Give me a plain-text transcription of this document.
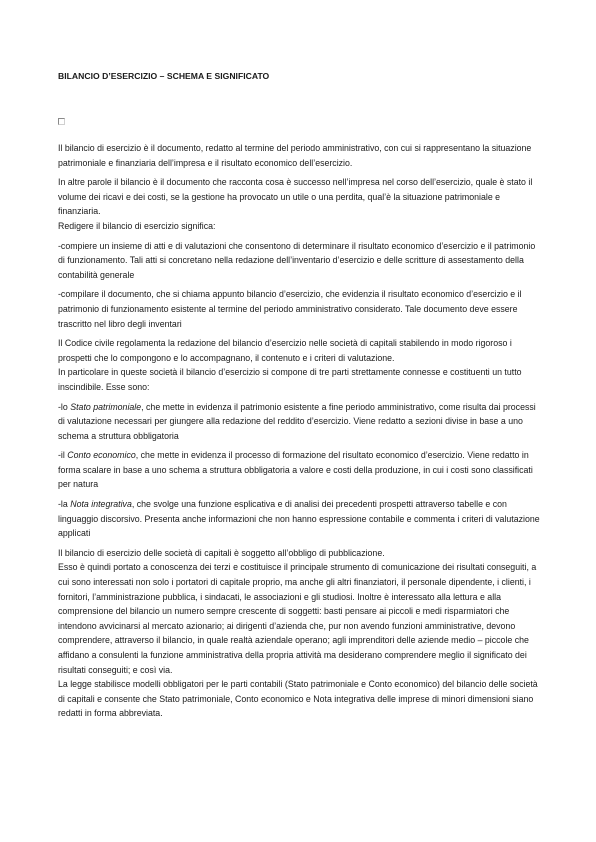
BILANCIO D’ESERCIZIO – SCHEMA E SIGNIFICATO

Il bilancio di esercizio è il documento, redatto al termine del periodo amministrativo, con cui si rappresentano la situazione patrimoniale e finanziaria dell’impresa e il risultato economico dell’esercizio.

In altre parole il bilancio è il documento che racconta cosa è successo nell’impresa nel corso dell’esercizio, quale è stato il volume dei ricavi e dei costi, se la gestione ha provocato un utile o una perdita, qual’è la situazione patrimoniale e finanziaria.

Redigere il bilancio di esercizio significa:

-compiere un insieme di atti e di valutazioni che consentono di determinare il risultato economico d’esercizio e il patrimonio di funzionamento. Tali atti si concretano nella redazione dell’inventario d’esercizio e delle scritture di assestamento della contabilità generale

-compilare il documento, che si chiama appunto bilancio d’esercizio, che evidenzia il risultato economico d’esercizio e il patrimonio di funzionamento esistente al termine del periodo amministrativo considerato. Tale documento deve essere trascritto nel libro degli inventari

Il Codice civile regolamenta la redazione del bilancio d’esercizio nelle società di capitali stabilendo in modo rigoroso i prospetti che lo compongono e lo accompagnano, il contenuto e i criteri di valutazione.

In particolare in queste società il bilancio d’esercizio si compone di tre parti strettamente connesse e costituenti un tutto inscindibile. Esse sono:

-lo Stato patrimoniale, che mette in evidenza il patrimonio esistente a fine periodo amministrativo, come risulta dai processi di valutazione necessari per giungere alla redazione del reddito d’esercizio. Viene redatto a sezioni divise in base a uno schema a struttura obbligatoria

-il Conto economico, che mette in evidenza il processo di formazione del risultato economico d’esercizio. Viene redatto in forma scalare in base a uno schema a struttura obbligatoria a valore e costi della produzione, in cui i costi sono classificati per natura

-la Nota integrativa, che svolge una funzione esplicativa e di analisi dei precedenti prospetti attraverso tabelle e con linguaggio discorsivo. Presenta anche informazioni che non hanno espressione contabile e commenta i criteri di valutazione applicati

Il bilancio di esercizio delle società di capitali è soggetto all’obbligo di pubblicazione.

Esso è quindi portato a conoscenza dei terzi e costituisce il principale strumento di comunicazione dei risultati conseguiti, a cui sono interessati non solo i portatori di capitale proprio, ma anche gli altri finanziatori, il personale dipendente, i clienti, i fornitori, l’amministrazione pubblica, i sindacati, le associazioni e gli studiosi. Inoltre è interessato alla lettura e alla comprensione del bilancio un numero sempre crescente di soggetti: basti pensare ai piccoli e medi risparmiatori che intendono avvicinarsi al mercato azionario; ai dirigenti d’azienda che, pur non avendo funzioni amministrative, devono comprendere, attraverso il bilancio, in quale realtà aziendale operano; agli imprenditori delle aziende medio – piccole che affidano a consulenti la funzione amministrativa della propria attività ma desiderano comprendere meglio il significato dei risultati conseguiti; e così via.

La legge stabilisce modelli obbligatori per le parti contabili (Stato patrimoniale e Conto economico) del bilancio delle società di capitali e consente che Stato patrimoniale, Conto economico e Nota integrativa delle imprese di minori dimensioni siano redatti in forma abbreviata.
